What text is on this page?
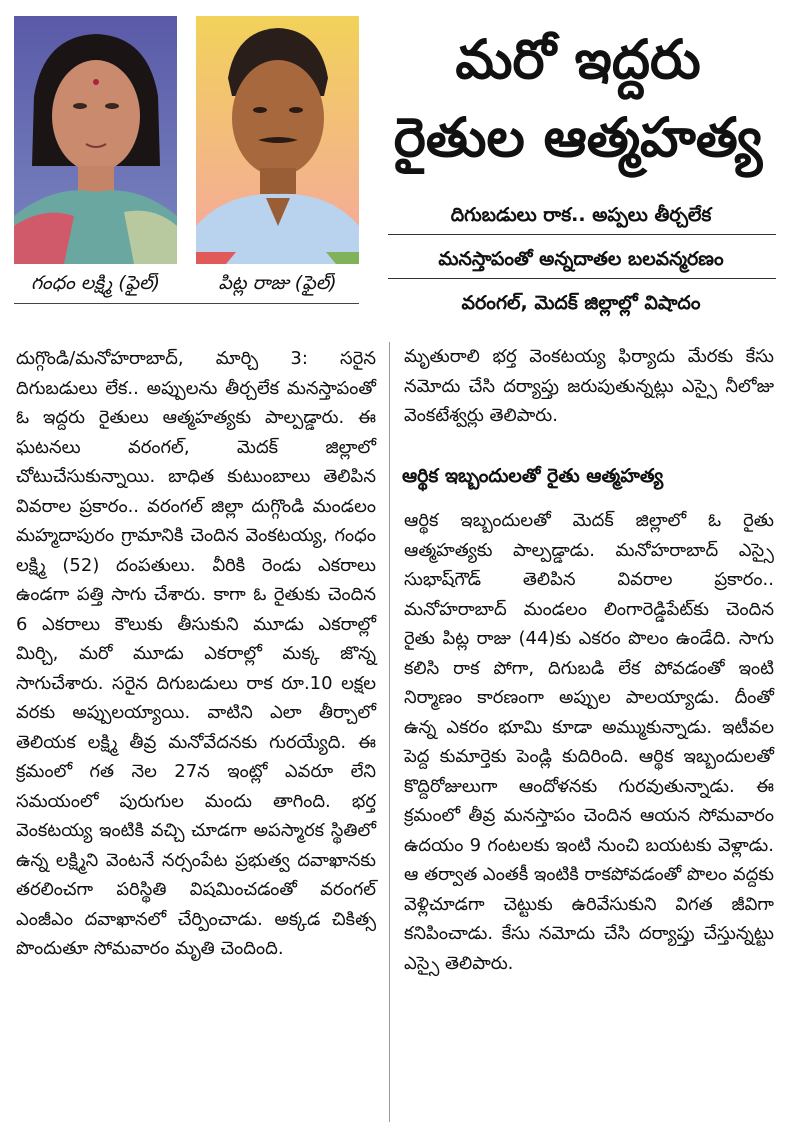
గంధం లక్ష్మి (ఫైల్)	పిట్ల రాజు (ఫైల్)
మరో ఇద్దరు
రైతుల ఆత్మహత్య
దిగుబడులు రాక.. అప్పలు తీర్చలేక
మనస్తాపంతో అన్నదాతల బలవన్మరణం
వరంగల్, మెదక్ జిల్లాల్లో విషాదం
దుగ్గొండి/మనోహరాబాద్, మార్చి 3: సరైన దిగుబడులు లేక.. అప్పులను తీర్చలేక మనస్తాపంతో ఓ ఇద్దరు రైతులు ఆత్మహత్యకు పాల్పడ్డారు. ఈ ఘటనలు వరంగల్, మెదక్ జిల్లాలో చోటుచేసుకున్నాయి. బాధిత కుటుంబాలు తెలిపిన వివరాల ప్రకారం.. వరంగల్ జిల్లా దుగ్గొండి మండలం మహ్మదాపురం గ్రామానికి చెందిన వెంకటయ్య, గంధం లక్ష్మి (52) దంపతులు. వీరికి రెండు ఎకరాలు ఉండగా పత్తి సాగు చేశారు. కాగా ఓ రైతుకు చెందిన 6 ఎకరాలు కౌలుకు తీసుకుని మూడు ఎకరాల్లో మిర్చి, మరో మూడు ఎకరాల్లో మక్క జొన్న సాగుచేశారు. సరైన దిగుబడులు రాక రూ.10 లక్షల వరకు అప్పులయ్యాయి. వాటిని ఎలా తీర్చాలో తెలియక లక్ష్మి తీవ్ర మనోవేదనకు గురయ్యేది. ఈ క్రమంలో గత నెల 27న ఇంట్లో ఎవరూ లేని సమయంలో పురుగుల మందు తాగింది. భర్త వెంకటయ్య ఇంటికి వచ్చి చూడగా అపస్మారక స్థితిలో ఉన్న లక్ష్మిని వెంటనే నర్సంపేట ప్రభుత్వ దవాఖానకు తరలించగా పరిస్థితి విషమించడంతో వరంగల్ ఎంజీఎం దవాఖానలో చేర్పించాడు. అక్కడ చికిత్స పొందుతూ సోమవారం మృతి చెందింది.
మృతురాలి భర్త వెంకటయ్య ఫిర్యాదు మేరకు కేసు నమోదు చేసి దర్యాప్తు జరుపుతున్నట్లు ఎస్సై నీలోజు వెంకటేశ్వర్లు తెలిపారు.
ఆర్థిక ఇబ్బందులతో రైతు ఆత్మహత్య
ఆర్థిక ఇబ్బందులతో మెదక్ జిల్లాలో ఓ రైతు ఆత్మహత్యకు పాల్పడ్డాడు. మనోహరాబాద్ ఎస్సై సుభాష్‌గౌడ్ తెలిపిన వివరాల ప్రకారం.. మనోహరాబాద్ మండలం లింగారెడ్డిపేట్‌కు చెందిన రైతు పిట్ల రాజు (44)కు ఎకరం పొలం ఉండేది. సాగు కలిసి రాక పోగా, దిగుబడి లేక పోవడంతో ఇంటి నిర్మాణం కారణంగా అప్పుల పాలయ్యాడు. దీంతో ఉన్న ఎకరం భూమి కూడా అమ్ముకున్నాడు. ఇటీవల పెద్ద కుమార్తెకు పెండ్లి కుదిరింది. ఆర్థిక ఇబ్బందులతో కొద్దిరోజులుగా ఆందోళనకు గురవుతున్నాడు. ఈ క్రమంలో తీవ్ర మనస్తాపం చెందిన ఆయన సోమవారం ఉదయం 9 గంటలకు ఇంటి నుంచి బయటకు వెళ్లాడు. ఆ తర్వాత ఎంతకీ ఇంటికి రాకపోవడంతో పొలం వద్దకు వెళ్లిచూడగా చెట్టుకు ఉరివేసుకుని విగత జీవిగా కనిపించాడు. కేసు నమోదు చేసి దర్యాప్తు చేస్తున్నట్టు ఎస్సై తెలిపారు.
